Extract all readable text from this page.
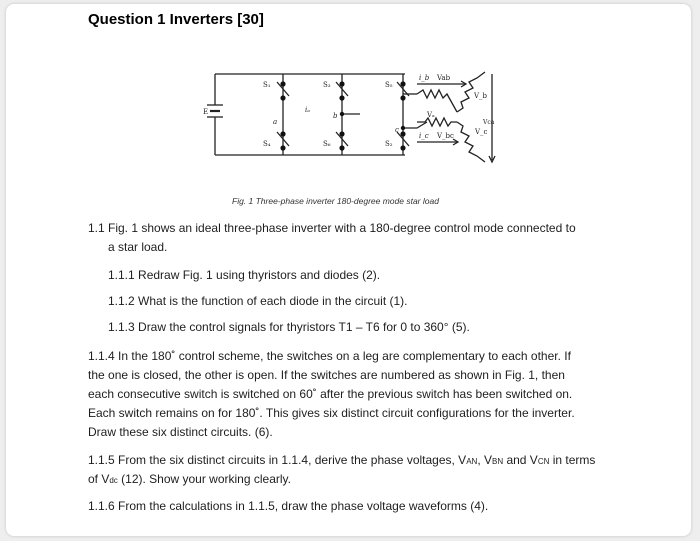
Question 1 Inverters [30]
S₁	S₃	S₅
S₄	S₆	S₂
E
a
b
c
iₐ
i_b
i_c
Vab
Vₐ
V_b
V_bc	V_c
Vca
Fig. 1 Three-phase inverter 180-degree mode star load

1.1 Fig. 1 shows an ideal three-phase inverter with a 180-degree control mode connected to

a star load.

1.1.1 Redraw Fig. 1 using thyristors and diodes (2).

1.1.2 What is the function of each diode in the circuit (1).

1.1.3 Draw the control signals for thyristors T1 – T6 for 0 to 360° (5).

1.1.4 In the 180˚ control scheme, the switches on a leg are complementary to each other. If

the one is closed, the other is open. If the switches are numbered as shown in Fig. 1, then

each consecutive switch is switched on 60˚ after the previous switch has been switched on.

Each switch remains on for 180˚. This gives six distinct circuit configurations for the inverter.

Draw these six distinct circuits. (6).

1.1.5 From the six distinct circuits in 1.1.4, derive the phase voltages, VAN, VBN and VCN in terms

of Vdc (12). Show your working clearly.

1.1.6 From the calculations in 1.1.5, draw the phase voltage waveforms (4).
